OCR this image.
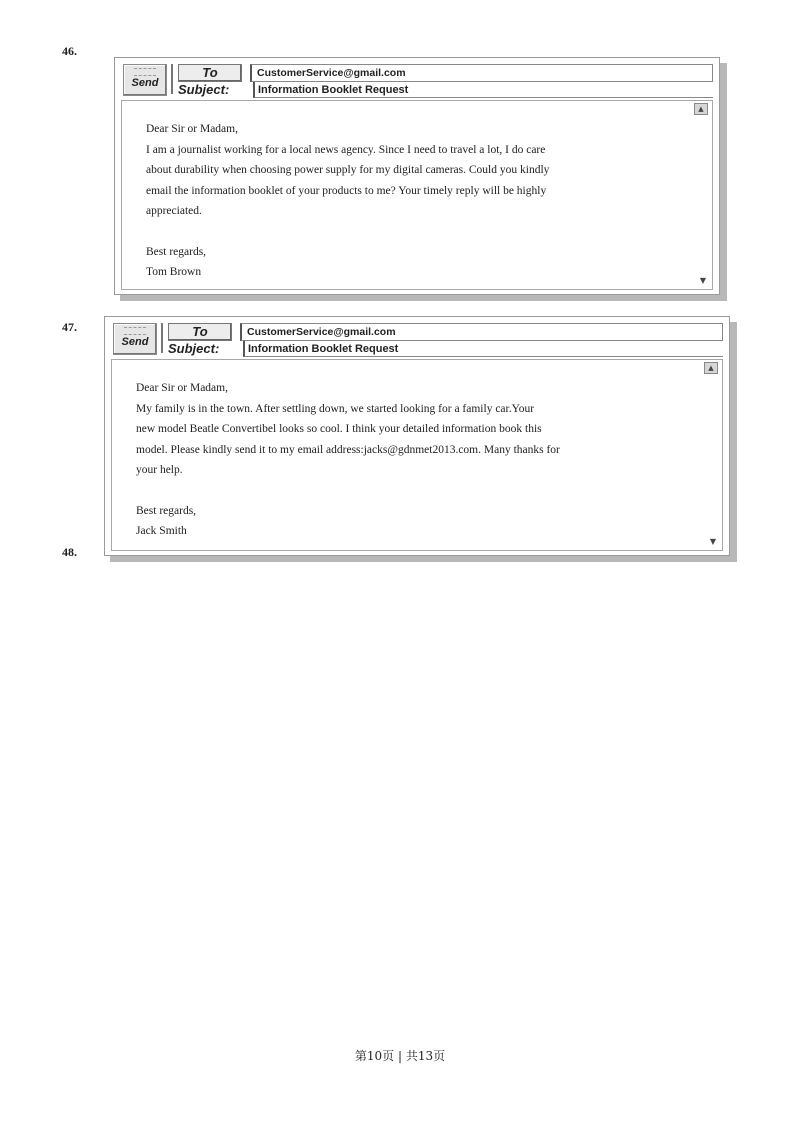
46.
Send
To	CustomerService@gmail.com
Subject:	Information Booklet Request
▲
▼

Dear Sir or Madam,

I am a journalist working for a local news agency. Since I need to travel a lot, I do care

about durability when choosing power supply for my digital cameras. Could you kindly

email the information booklet of your products to me? Your timely reply will be highly

appreciated.

Best regards,

Tom Brown

47.
Send
To	CustomerService@gmail.com
Subject:	Information Booklet Request
▲
▼

Dear Sir or Madam,

My family is in the town. After settling down, we started looking for a family car.Your

new model Beatle Convertibel looks so cool. I think your detailed information book this

model. Please kindly send it to my email address:jacks@gdnmet2013.com. Many thanks for

your help.

Best regards,

Jack Smith

48.
第10页 | 共13页
